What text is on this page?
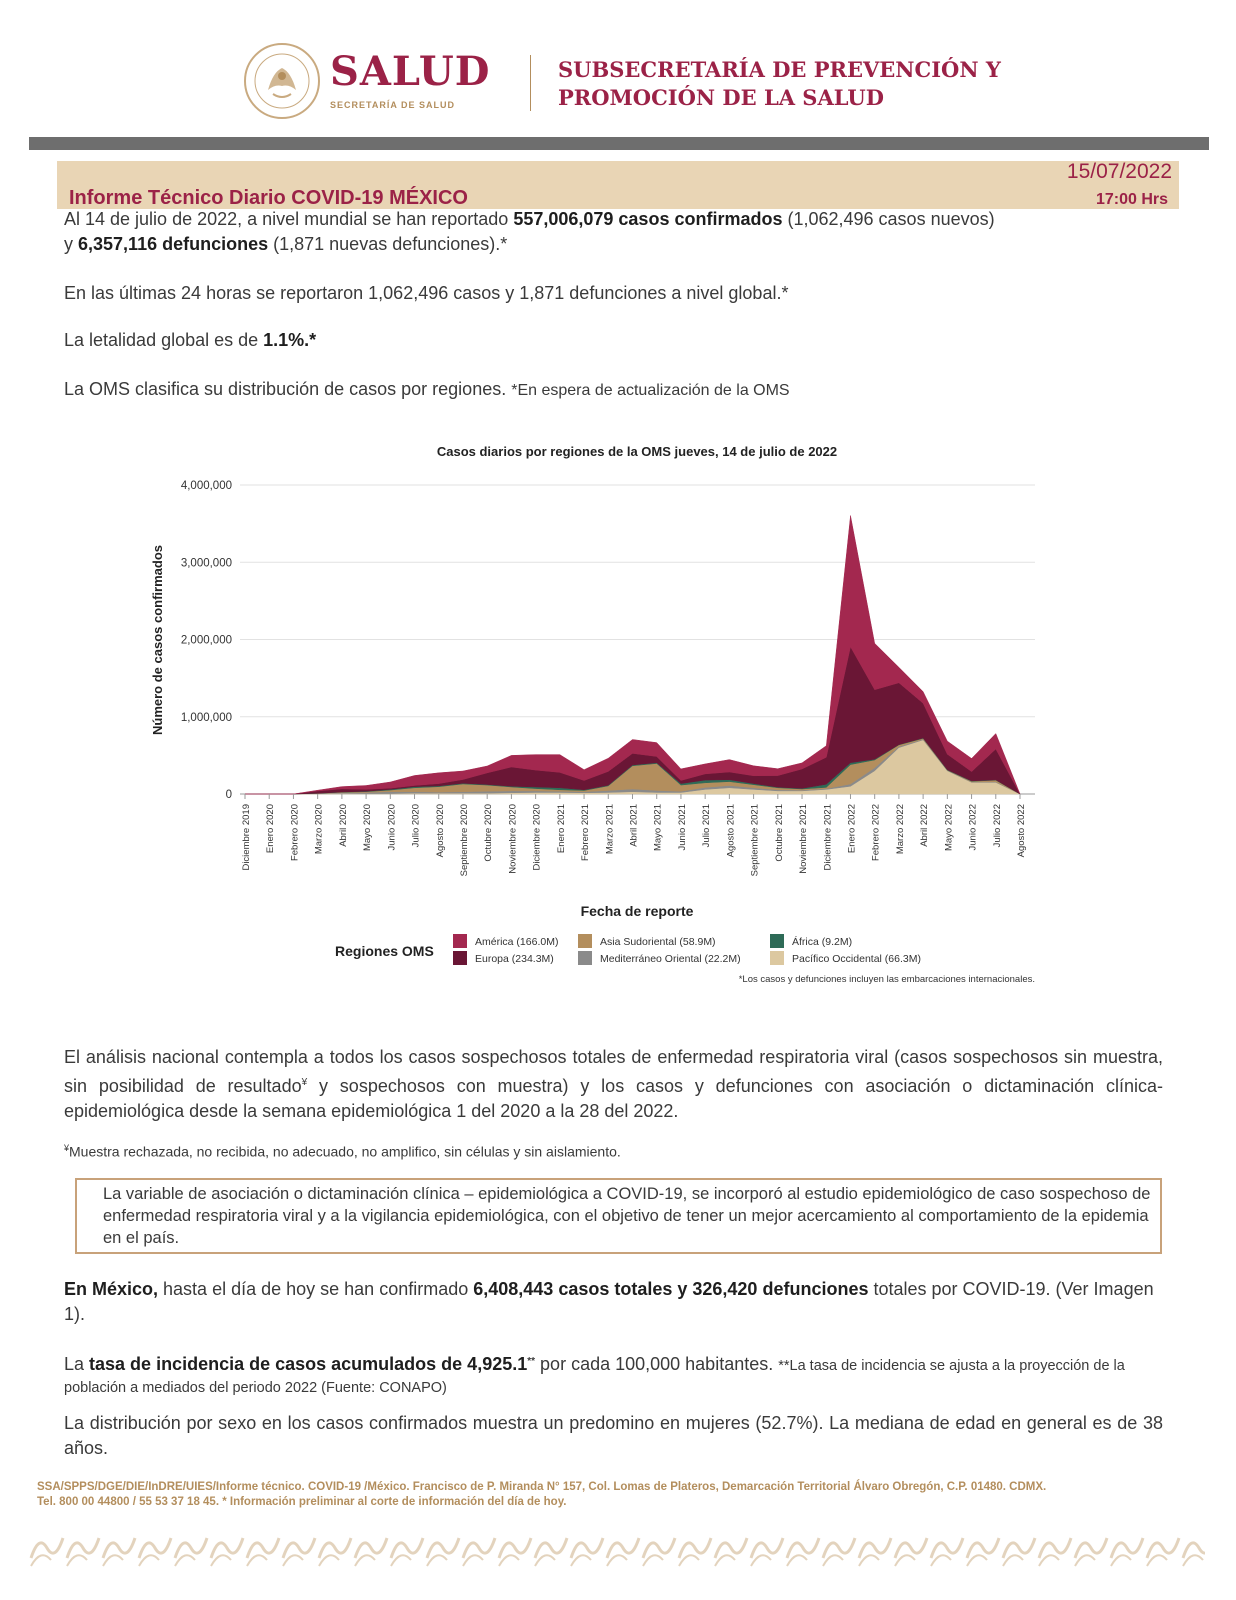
SALUD
SECRETARÍA DE SALUD
SUBSECRETARÍA DE PREVENCIÓN Y
PROMOCIÓN DE LA SALUD
Informe Técnico Diario COVID-19 MÉXICO
15/07/2022
17:00 Hrs
Al 14 de julio de 2022, a nivel mundial se han reportado 557,006,079 casos confirmados (1,062,496 casos nuevos)
y 6,357,116 defunciones (1,871 nuevas defunciones).*
En las últimas 24 horas se reportaron 1,062,496 casos y 1,871 defunciones a nivel global.*
La letalidad global es de 1.1%.*
La OMS clasifica su distribución de casos por regiones. *En espera de actualización de la OMS
Casos diarios por regiones de la OMS jueves, 14 de julio de 2022
Número de casos confirmados
Fecha de reporte
4,000,000
3,000,000
2,000,000
1,000,000
0
Diciembre 2019 Enero 2020 Febrero 2020 Marzo 2020 Abril 2020 Mayo 2020 Junio 2020 Julio 2020 Agosto 2020 Septiembre 2020 Octubre 2020 Noviembre 2020 Diciembre 2020 Enero 2021 Febrero 2021 Marzo 2021 Abril 2021 Mayo 2021 Junio 2021 Julio 2021 Agosto 2021 Septiembre 2021 Octubre 2021 Noviembre 2021 Diciembre 2021 Enero 2022 Febrero 2022 Marzo 2022 Abril 2022 Mayo 2022 Junio 2022 Julio 2022 Agosto 2022
Regiones OMS
América (166.0M)
Europa (234.3M)
Asia Sudoriental (58.9M)
Mediterráneo Oriental (22.2M)
África (9.2M)
Pacífico Occidental (66.3M)
*Los casos y defunciones incluyen las embarcaciones internacionales.
El análisis nacional contempla a todos los casos sospechosos totales de enfermedad respiratoria viral (casos sospechosos sin muestra, sin posibilidad de resultado¥ y sospechosos con muestra) y los casos y defunciones con asociación o dictaminación clínica-epidemiológica desde la semana epidemiológica 1 del 2020 a la 28 del 2022.
¥Muestra rechazada, no recibida, no adecuado, no amplifico, sin células y sin aislamiento.
La variable de asociación o dictaminación clínica – epidemiológica a COVID-19, se incorporó al estudio epidemiológico de caso sospechoso de enfermedad respiratoria viral y a la vigilancia epidemiológica, con el objetivo de tener un mejor acercamiento al comportamiento de la epidemia en el país.
En México, hasta el día de hoy se han confirmado 6,408,443 casos totales y 326,420 defunciones totales por COVID-19. (Ver Imagen 1).
La tasa de incidencia de casos acumulados de 4,925.1** por cada 100,000 habitantes. **La tasa de incidencia se ajusta a la proyección de la población a mediados del periodo 2022 (Fuente: CONAPO)
La distribución por sexo en los casos confirmados muestra un predomino en mujeres (52.7%). La mediana de edad en general es de 38 años.
SSA/SPPS/DGE/DIE/InDRE/UIES/Informe técnico. COVID-19 /México. Francisco de P. Miranda N° 157, Col. Lomas de Plateros, Demarcación Territorial Álvaro Obregón, C.P. 01480. CDMX.
Tel. 800 00 44800 / 55 53 37 18 45. * Información preliminar al corte de información del día de hoy.
